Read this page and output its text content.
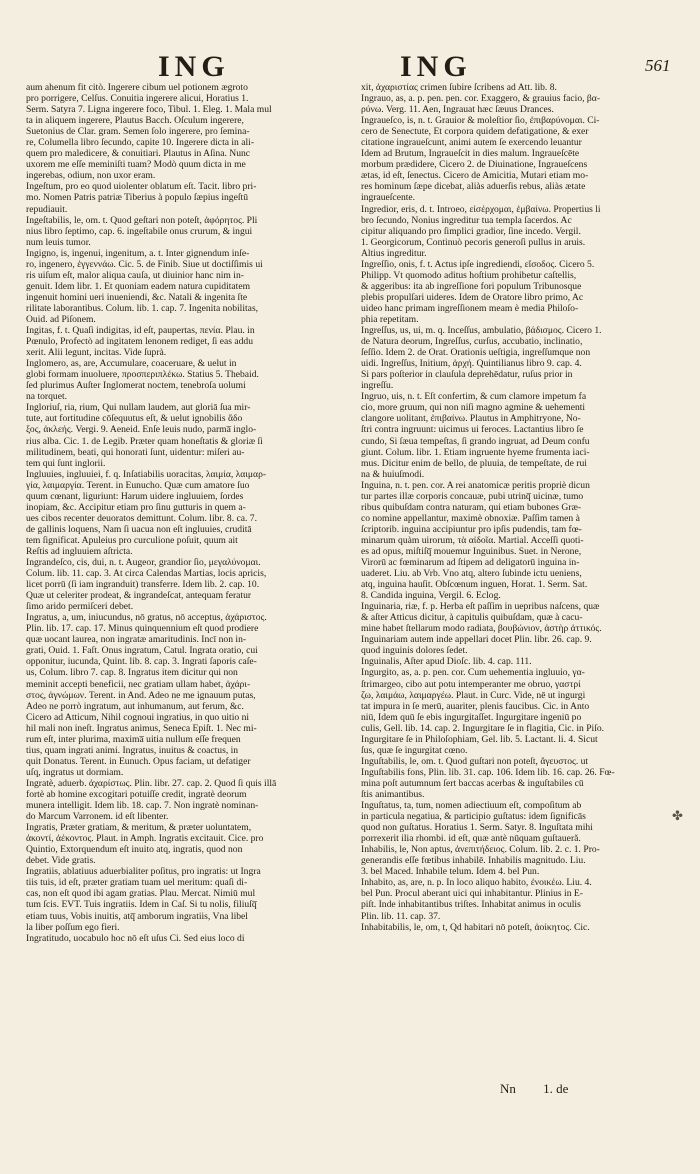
ING	ING	561
aum ahenum fit citò. Ingerere cibum uel potionem ægroto
pro porrigere, Celſus. Conuitia ingerere alicui, Horatius 1.
Serm. Satyra 7. Ligna ingerere foco, Tibul. 1. Eleg. 1. Mala mul
ta in aliquem ingerere, Plautus Bacch. Oſculum ingerere,
Suetonius de Clar. gram. Semen ſolo ingerere, pro ſemina-
re, Columella libro ſecundo, capite 10. Ingerere dicta in ali-
quem pro maledicere, & conuitiari. Plautus in Aſina. Nunc
uxorem me eſſe meminiſti tuam? Modò quum dicta in me
ingerebas, odium, non uxor eram.
Ingeſtum, pro eo quod uiolenter oblatum eſt. Tacit. libro pri-
mo. Nomen Patris patriæ Tiberius à populo ſæpius ingeſtū
repudiauit.
Ingeſtabilis, le, om. t. Quod geſtari non poteſt, ἀφόρητος. Pli
nius libro ſeptimo, cap. 6. ingeſtabile onus crurum, & ingui
num leuis tumor.
Ingigno, is, ingenui, ingenitum, a. t. Inter gignendum inſe-
ro, ingenero, ἐγγεννάω. Cic. 5. de Finib. Siue ut doctiſſimis ui
ris uiſum eſt, malor aliqua cauſa, ut diuinior hanc nim in-
genuit. Idem libr. 1. Et quoniam eadem natura cupiditatem
ingenuit homini ueri inueniendi, &c. Natali & ingenita ſte
rilitate laborantibus. Colum. lib. 1. cap. 7. Ingenita nobilitas,
Ouid. ad Piſonem.
Ingitas, f. t. Quaſi indigitas, id eſt, paupertas, πενία. Plau. in
Pœnulo, Profectò ad ingitatem lenonem rediget, ſi eas addu
xerit. Alii legunt, incitas. Vide ſuprà.
Inglomero, as, are, Accumulare, coaceruare, & uelut in
globi formam inuoluere, προσπεριπλέκω. Statius 5. Thebaid.
ſed plurimus Auſter Inglomerat noctem, tenebroſa uolumi
na torquet.
Ingloriuſ, ria, rium, Qui nullam laudem, aut gloriā ſua mir-
tute, aut fortitudine cōſequutus eſt, & uelut ignobilis ἄδο
ξος, ἀκλεής. Vergi. 9. Aeneid. Enſe leuis nudo, parma̅ inglo-
rius alba. Cic. 1. de Legib. Præter quam honeſtatis & gloriæ ſi
militudinem, beati, qui honorati ſunt, uidentur: miſeri au-
tem qui ſunt inglorii.
Ingluuies, ingluuiei, f. q. Inſatiabilis uoracitas, λαιμία, λαιμαρ-
γία, λαιμαργία. Terent. in Eunucho. Quæ cum amatore ſuo
quum cœnant, liguriunt: Harum uidere ingluuiem, ſordes
inopiam, &c. Accipitur etiam pro ſinu gutturis in quem a-
ues cibos recenter deuoratos demittunt. Colum. libr. 8. ca. 7.
de gallinis loquens, Nam ſi uacua non eſt ingluuies, cruditā
tem ſignificat. Apuleius pro curculione poſuit, quum ait
Reſtis ad ingluuiem aſtricta.
Ingrandeſco, cis, dui, n. t. Augeor, grandior ſio, μεγαλύνομαι.
Colum. lib. 11. cap. 3. At circa Calendas Martias, locis apricis,
licet porrū (ſi iam ingranduit) transferre. Idem lib. 2. cap. 10.
Quæ ut celeriter prodeat, & ingrandeſcat, antequam feratur
ſimo arido permiſceri debet.
Ingratus, a, um, iniucundus, nō gratus, nō acceptus, ἀχάριστος.
Plin. lib. 17. cap. 17. Minus quinquennium eſt quod prodiere
quæ uocant laurea, non ingratæ amaritudinis. Incī non in-
grati, Ouid. 1. Faſt. Onus ingratum, Catul. Ingrata oratio, cui
opponitur, iucunda, Quint. lib. 8. cap. 3. Ingrati ſaporis caſe-
us, Colum. libro 7. cap. 8. Ingratus item dicitur qui non
meminit accepti beneficii, nec gratiam ullam habet, ἀχάρι-
στος, ἀγνώμων. Terent. in And. Adeo ne me ignauum putas,
Adeo ne porrò ingratum, aut inhumanum, aut ferum, &c.
Cicero ad Atticum, Nihil cognoui ingratius, in quo uitio ni
hil mali non ineſt. Ingratus animus, Seneca Epiſt. 1. Nec mi-
rum eſt, inter plurima, maxima̅ uitia nullum eſſe frequen
tius, quam ingrati animi. Ingratus, inuitus & coactus, in
quit Donatus. Terent. in Eunuch. Opus faciam, ut defatiger
uſq, ingratus ut dormiam.
Ingratè, aduerb. ἀχαρίστως. Plin. libr. 27. cap. 2. Quod ſi quis illā
fortè ab homine excogitari potuiſſe credit, ingratè deorum
munera intelligit. Idem lib. 18. cap. 7. Non ingratè nominan-
do Marcum Varronem. id eſt libenter.
Ingratis, Præter gratiam, & meritum, & præter uoluntatem,
ἀκοντί, ἀέκοντος. Plaut. in Amph. Ingratis excitauit. Cice. pro
Quintio, Extorquendum eſt inuito atq, ingratis, quod non
debet. Vide gratis.
Ingratiis, ablatiuus aduerbialiter poſitus, pro ingratis: ut Ingra
tiis tuis, id eſt, præter gratiam tuam uel meritum: quaſi di-
cas, non eſt quod ibi agam gratias. Plau. Mercat. Nimiū mul
tum ſcis. EVT. Tuis ingratiis. Idem in Caſ. Si tu nolis, filiuſq̅
etiam tuus, Vobis inuitis, atq̅ amborum ingratiis, Vna libel
la liber poſſum ego fieri.
Ingratitudo, uocabulo hoc nō eſt uſus Ci. Sed eius loco di
xit, ἀχαριστίας crimen ſubire ſcribens ad Att. lib. 8.
Ingrauo, as, a. p. pen. pen. cor. Exaggero, & grauius facio, βα-
ρύνω. Verg. 11. Aen, Ingrauat hæc ſæuus Drances.
Ingraueſco, is, n. t. Grauior & moleſtior ſio, ἐπιβαρύνομαι. Ci-
cero de Senectute, Et corpora quidem defatigatione, & exer
citatione ingraueſcunt, animi autem ſe exercendo leuantur
Idem ad Brutum, Ingraueſcit in dies malum. Ingraueſcēte
morbum prædidere, Cicero 2. de Diuinatione, Ingraueſcens
ætas, id eſt, ſenectus. Cicero de Amicitia, Mutari etiam mo-
res hominum ſæpe dicebat, aliàs aduerſis rebus, aliàs ætate
ingraueſcente.
Ingredior, eris, d. t. Introeo, εἰσέρχομαι, ἐμβαίνω. Propertius li
bro ſecundo, Nonius ingreditur tua templa ſacerdos. Ac
cipitur aliquando pro ſimplici gradior, ſine incedo. Vergil.
1. Georgicorum, Continuò pecoris generoſi pullus in aruis.
Altius ingreditur.
Ingreſſio, onis, f. t. Actus ipſe ingrediendi, εἴσοδος. Cicero 5.
Philipp. Vt quomodo aditus hoſtium prohibetur caſtellis,
& aggeribus: ita ab ingreſſione fori populum Tribunosque
plebis propulſari uideres. Idem de Oratore libro primo, Ac
uideo hanc primam ingreſſionem meam è media Philoſo-
phia repetitam.
Ingreſſus, us, ui, m. q. Inceſſus, ambulatio, βάδισμος. Cicero 1.
de Natura deorum, Ingreſſus, curſus, accubatio, inclinatio,
ſeſſio. Idem 2. de Orat. Orationis ueſtigia, ingreſſumque non
uidi. Ingreſſus, Initium, ἀρχή. Quintilianus libro 9. cap. 4.
Si pars poſterior in clauſula deprehēdatur, ruſus prior in
ingreſſu.
Ingruo, uis, n. t. Eſt confertim, & cum clamore impetum fa
cio, more gruum, qui non niſi magno agmine & uehementi
clangore uolitant, ἐπιβαίνω. Plautus in Amphitryone, No-
ſtri contra ingruunt: uicimus ui feroces. Lactantius libro ſe
cundo, Si ſæua tempeſtas, ſi grando ingruat, ad Deum confu
giunt. Colum. libr. 1. Etiam ingruente hyeme frumenta iaci-
mus. Dicitur enim de bello, de pluuia, de tempeſtate, de rui
na & huiuſmodi.
Inguina, n. t. pen. cor. A rei anatomicæ peritis propriè dicun
tur partes illæ corporis concauæ, pubi utrinq̅ uicinæ, tumo
ribus quibuſdam contra naturam, qui etiam bubones Græ-
co nomine appellantur, maximè obnoxiæ. Paſſim tamen à
ſcriptorib. inguina accipiuntur pro ipſis pudendis, tam fœ-
minarum quàm uirorum, τὰ αἰδοῖα. Martial. Acceſſi quoti-
es ad opus, miſtiſq̅ mouemur Inguinibus. Suet. in Nerone,
Virorū ac fœminarum ad ſtipem ad deligatorū inguina in-
uaderet. Liu. ab Vrb. Vno atq, altero ſubinde ictu ueniens,
atq, inguina hauſit. Obſcœnum inguen, Horat. 1. Serm. Sat.
8. Candida inguina, Vergil. 6. Eclog.
Inguinaria, riæ, f. p. Herba eſt paſſim in uepribus naſcens, quæ
& aſter Atticus dicitur, à capitulis quibuſdam, quæ à cacu-
mine habet ſtellarum modo radiata, βουβώνιον, ἀστὴρ ἀττικός.
Inguinariam autem inde appellari docet Plin. libr. 26. cap. 9.
quod inguinis dolores ſedet.
Inguinalis, Aſter apud Dioſc. lib. 4. cap. 111.
Ingurgito, as, a. p. pen. cor. Cum uehementia ingluuio, γα-
ſtrimargeo, cibo aut potu intemperanter me obruo, γαστρί
ζω, λαιμάω, λαιμαργέω. Plaut. in Curc. Vide, nē ut ingurgi
tat impura in ſe merū, auariter, plenis faucibus. Cic. in Anto
niū, Idem quū ſe ebis ingurgitaſſet. Ingurgitare ingeniū po
culis, Gell. lib. 14. cap. 2. Ingurgitare ſe in flagitia, Cic. in Piſo.
Ingurgitare ſe in Philoſophiam, Gel. lib. 5. Lactant. li. 4. Sicut
ſus, quæ ſe ingurgitat cœno.
Inguſtabilis, le, om. t. Quod guſtari non poteſt, ἄγευστος. ut
Inguſtabilis fons, Plin. lib. 31. cap. 106. Idem lib. 16. cap. 26. Fœ-
mina poſt autumnum ſert baccas acerbas & inguſtabiles cū
ſtis animantibus.
Inguſtatus, ta, tum, nomen adiectiuum eſt, compoſitum ab
in particula negatiua, & participio guſtatus: idem ſignificās
quod non guſtatus. Horatius 1. Serm. Satyr. 8. Inguſtata mihi
porrexerit ilia rhombi. id eſt, quæ antè nūquam guſtaueră.
Inhabilis, le, Non aptus, ἀνεπιτήδειος. Colum. lib. 2. c. 1. Pro-
generandis eſſe fœtibus inhabilē. Inhabilis magnitudo. Liu.
3. bel Maced. Inhabile telum. Idem 4. bel Pun.
Inhabito, as, are, n. p. In loco aliquo habito, ἐνοικέω. Liu. 4.
bel Pun. Procul aberant uici qui inhabitantur. Plinius in E-
piſt. Inde inhabitantibus triſtes. Inhabitat animus in oculis
Plin. lib. 11. cap. 37.
Inhabitabilis, le, om, t, Qd habitari nō poteſt, ἀοίκητος. Cic.
✤
Nn 1. de
